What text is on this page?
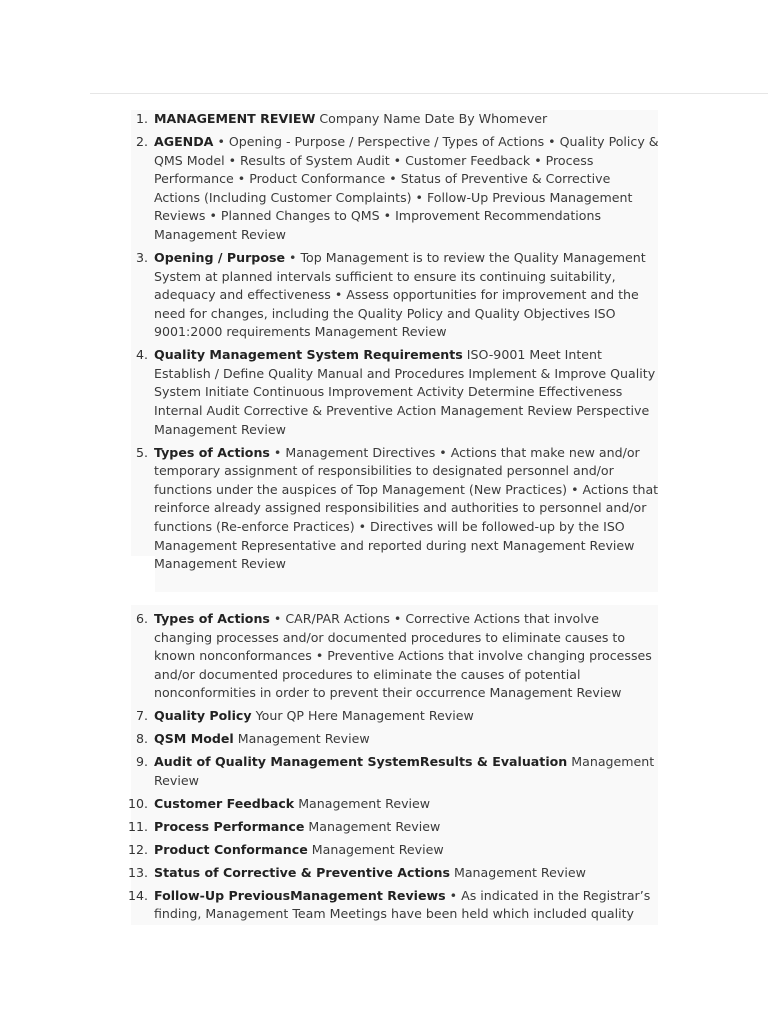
1. MANAGEMENT REVIEW Company Name Date By Whomever
2. AGENDA • Opening - Purpose / Perspective / Types of Actions • Quality Policy & QMS Model • Results of System Audit • Customer Feedback • Process Performance • Product Conformance • Status of Preventive & Corrective Actions (Including Customer Complaints) • Follow-Up Previous Management Reviews • Planned Changes to QMS • Improvement Recommendations Management Review
3. Opening / Purpose • Top Management is to review the Quality Management System at planned intervals sufficient to ensure its continuing suitability, adequacy and effectiveness • Assess opportunities for improvement and the need for changes, including the Quality Policy and Quality Objectives ISO 9001:2000 requirements Management Review
4. Quality Management System Requirements ISO-9001 Meet Intent Establish / Define Quality Manual and Procedures Implement & Improve Quality System Initiate Continuous Improvement Activity Determine Effectiveness Internal Audit Corrective & Preventive Action Management Review Perspective Management Review
5. Types of Actions • Management Directives • Actions that make new and/or temporary assignment of responsibilities to designated personnel and/or functions under the auspices of Top Management (New Practices) • Actions that reinforce already assigned responsibilities and authorities to personnel and/or functions (Re-enforce Practices) • Directives will be followed-up by the ISO Management Representative and reported during next Management Review Management Review
6. Types of Actions • CAR/PAR Actions • Corrective Actions that involve changing processes and/or documented procedures to eliminate causes to known nonconformances • Preventive Actions that involve changing processes and/or documented procedures to eliminate the causes of potential nonconformities in order to prevent their occurrence Management Review
7. Quality Policy Your QP Here Management Review
8. QSM Model Management Review
9. Audit of Quality Management SystemResults & Evaluation Management Review
10. Customer Feedback Management Review
11. Process Performance Management Review
12. Product Conformance Management Review
13. Status of Corrective & Preventive Actions Management Review
14. Follow-Up PreviousManagement Reviews • As indicated in the Registrar’s finding, Management Team Meetings have been held which included quality
